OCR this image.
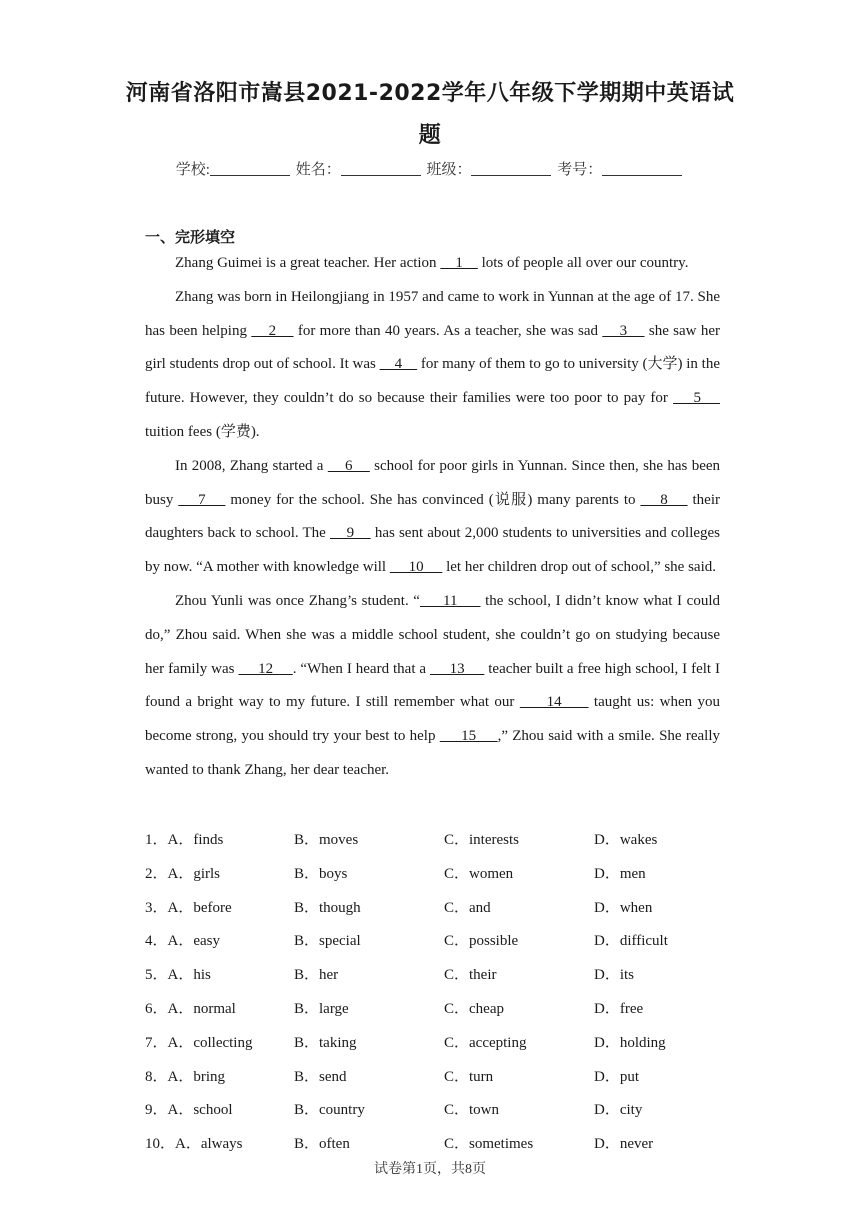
河南省洛阳市嵩县2021-2022学年八年级下学期期中英语试
题
学校:	姓名：	班级：	考号：
一、完形填空

Zhang Guimei is a great teacher. Her action     1     lots of people all over our country.

Zhang was born in Heilongjiang in 1957 and came to work in Yunnan at the age of 17. She has been helping     2     for more than 40 years. As a teacher, she was sad     3     she saw her girl students drop out of school. It was     4     for many of them to go to university (大学) in the future. However, they couldn’t do so because their families were too poor to pay for     5     tuition fees (学费).

In 2008, Zhang started a     6     school for poor girls in Yunnan. Since then, she has been busy     7     money for the school. She has convinced (说服) many parents to     8     their daughters back to school. The     9     has sent about 2,000 students to universities and colleges by now. “A mother with knowledge will      10      let her children drop out of school,” she said.

Zhou Yunli was once Zhang’s student. “     11      the school, I didn’t know what I could do,” Zhou said. When she was a middle school student, she couldn’t go on studying because her family was      12     . “When I heard that a      13      teacher built a free high school, I felt I found a bright way to my future. I still remember what our      14      taught us: when you become strong, you should try your best to help      15     ,” Zhou said with a smile. She really wanted to thank Zhang, her dear teacher.

1．A．finds	B．moves	C．interests	D．wakes
2．A．girls	B．boys	C．women	D．men
3．A．before	B．though	C．and	D．when
4．A．easy	B．special	C．possible	D．difficult
5．A．his	B．her	C．their	D．its
6．A．normal	B．large	C．cheap	D．free
7．A．collecting	B．taking	C．accepting	D．holding
8．A．bring	B．send	C．turn	D．put
9．A．school	B．country	C．town	D．city
10．A．always	B．often	C．sometimes	D．never
试卷第1页，共8页
